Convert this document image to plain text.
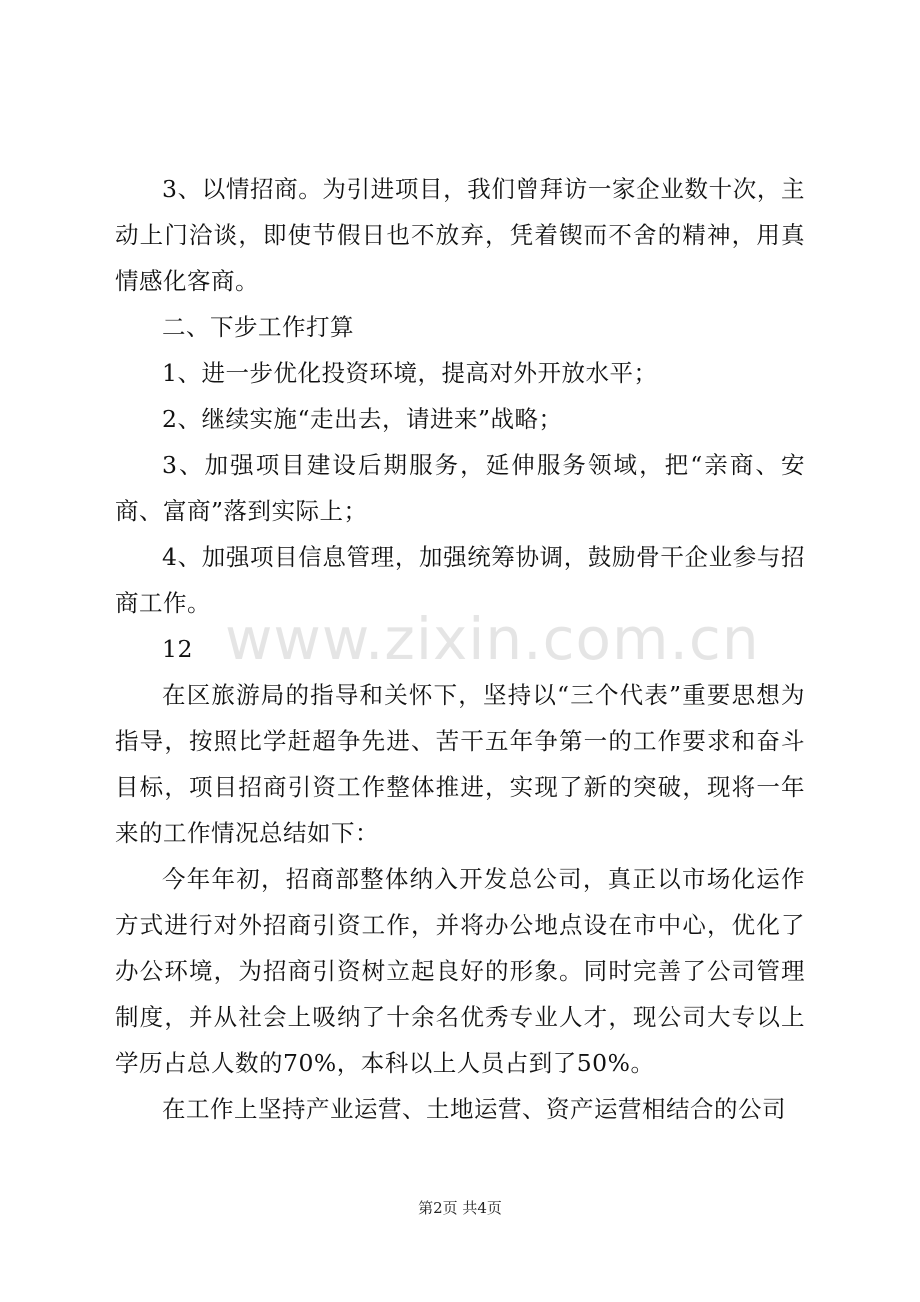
3、以情招商。为引进项目，我们曾拜访一家企业数十次，主动上门洽谈，即使节假日也不放弃，凭着锲而不舍的精神，用真情感化客商。

二、下步工作打算

1、进一步优化投资环境，提高对外开放水平；

2、继续实施“走出去，请进来”战略；

3、加强项目建设后期服务，延伸服务领域，把“亲商、安商、富商”落到实际上；

4、加强项目信息管理，加强统筹协调，鼓励骨干企业参与招商工作。

12

在区旅游局的指导和关怀下，坚持以“三个代表”重要思想为指导，按照比学赶超争先进、苦干五年争第一的工作要求和奋斗目标，项目招商引资工作整体推进，实现了新的突破，现将一年来的工作情况总结如下：

今年年初，招商部整体纳入开发总公司，真正以市场化运作方式进行对外招商引资工作，并将办公地点设在市中心，优化了办公环境，为招商引资树立起良好的形象。同时完善了公司管理制度，并从社会上吸纳了十余名优秀专业人才，现公司大专以上学历占总人数的70%，本科以上人员占到了50%。

在工作上坚持产业运营、土地运营、资产运营相结合的公司

www.zixin.com.cn
第2页 共4页
